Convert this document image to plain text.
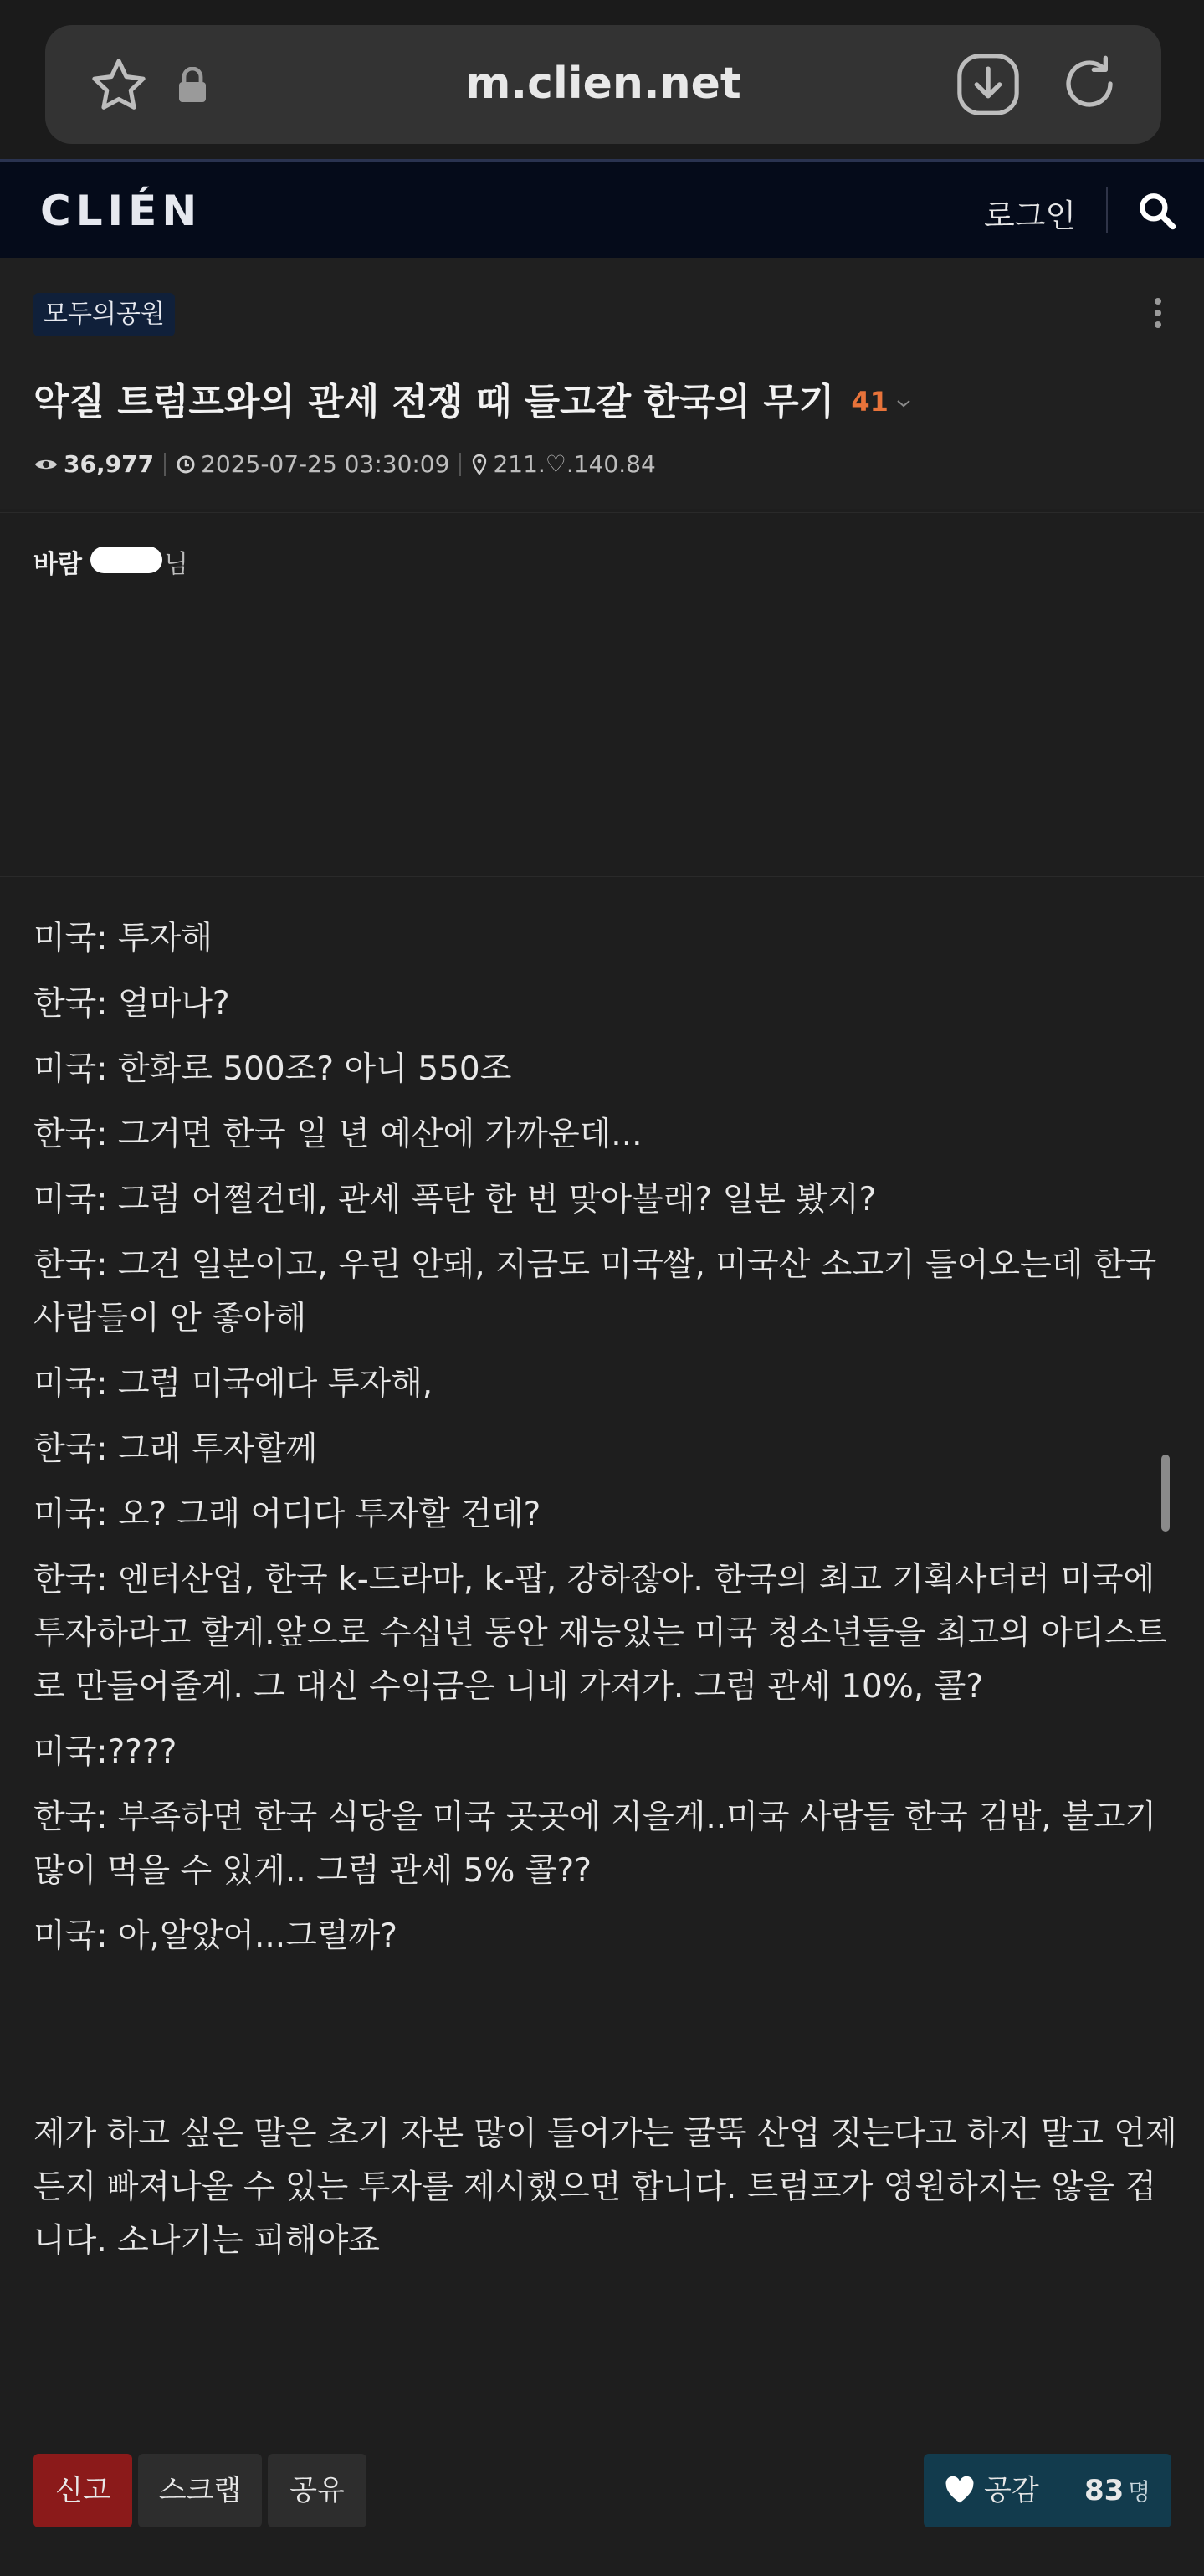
m.clien.net
CLIÉN	로그인
모두의공원
악질 트럼프와의 관세 전쟁 때 들고갈 한국의 무기 41
36,977 2025-07-25 03:30:09 211.♡.140.84
바람	님

미국: 투자해

한국: 얼마나?

미국: 한화로 500조? 아니 550조

한국: 그거면 한국 일 년 예산에 가까운데...

미국: 그럼 어쩔건데, 관세 폭탄 한 번 맞아볼래? 일본 봤지?

한국: 그건 일본이고, 우린 안돼, 지금도 미국쌀, 미국산 소고기 들어오는데 한국 사람들이 안 좋아해

미국: 그럼 미국에다 투자해,

한국: 그래 투자할께

미국: 오? 그래 어디다 투자할 건데?

한국: 엔터산업, 한국 k-드라마, k-팝, 강하잖아. 한국의 최고 기획사더러 미국에 투자하라고 할게.앞으로 수십년 동안 재능있는 미국 청소년들을 최고의 아티스트로 만들어줄게. 그 대신 수익금은 니네 가져가. 그럼 관세 10%, 콜?

미국:????

한국: 부족하면 한국 식당을 미국 곳곳에 지을게..미국 사람들 한국 김밥, 불고기 많이 먹을 수 있게.. 그럼 관세 5% 콜??

미국: 아,알았어...그럴까?

제가 하고 싶은 말은 초기 자본 많이 들어가는 굴뚝 산업 짓는다고 하지 말고 언제든지 빠져나올 수 있는 투자를 제시했으면 합니다. 트럼프가 영원하지는 않을 겁니다. 소나기는 피해야죠
신고	스크랩	공유	공감 83 명
